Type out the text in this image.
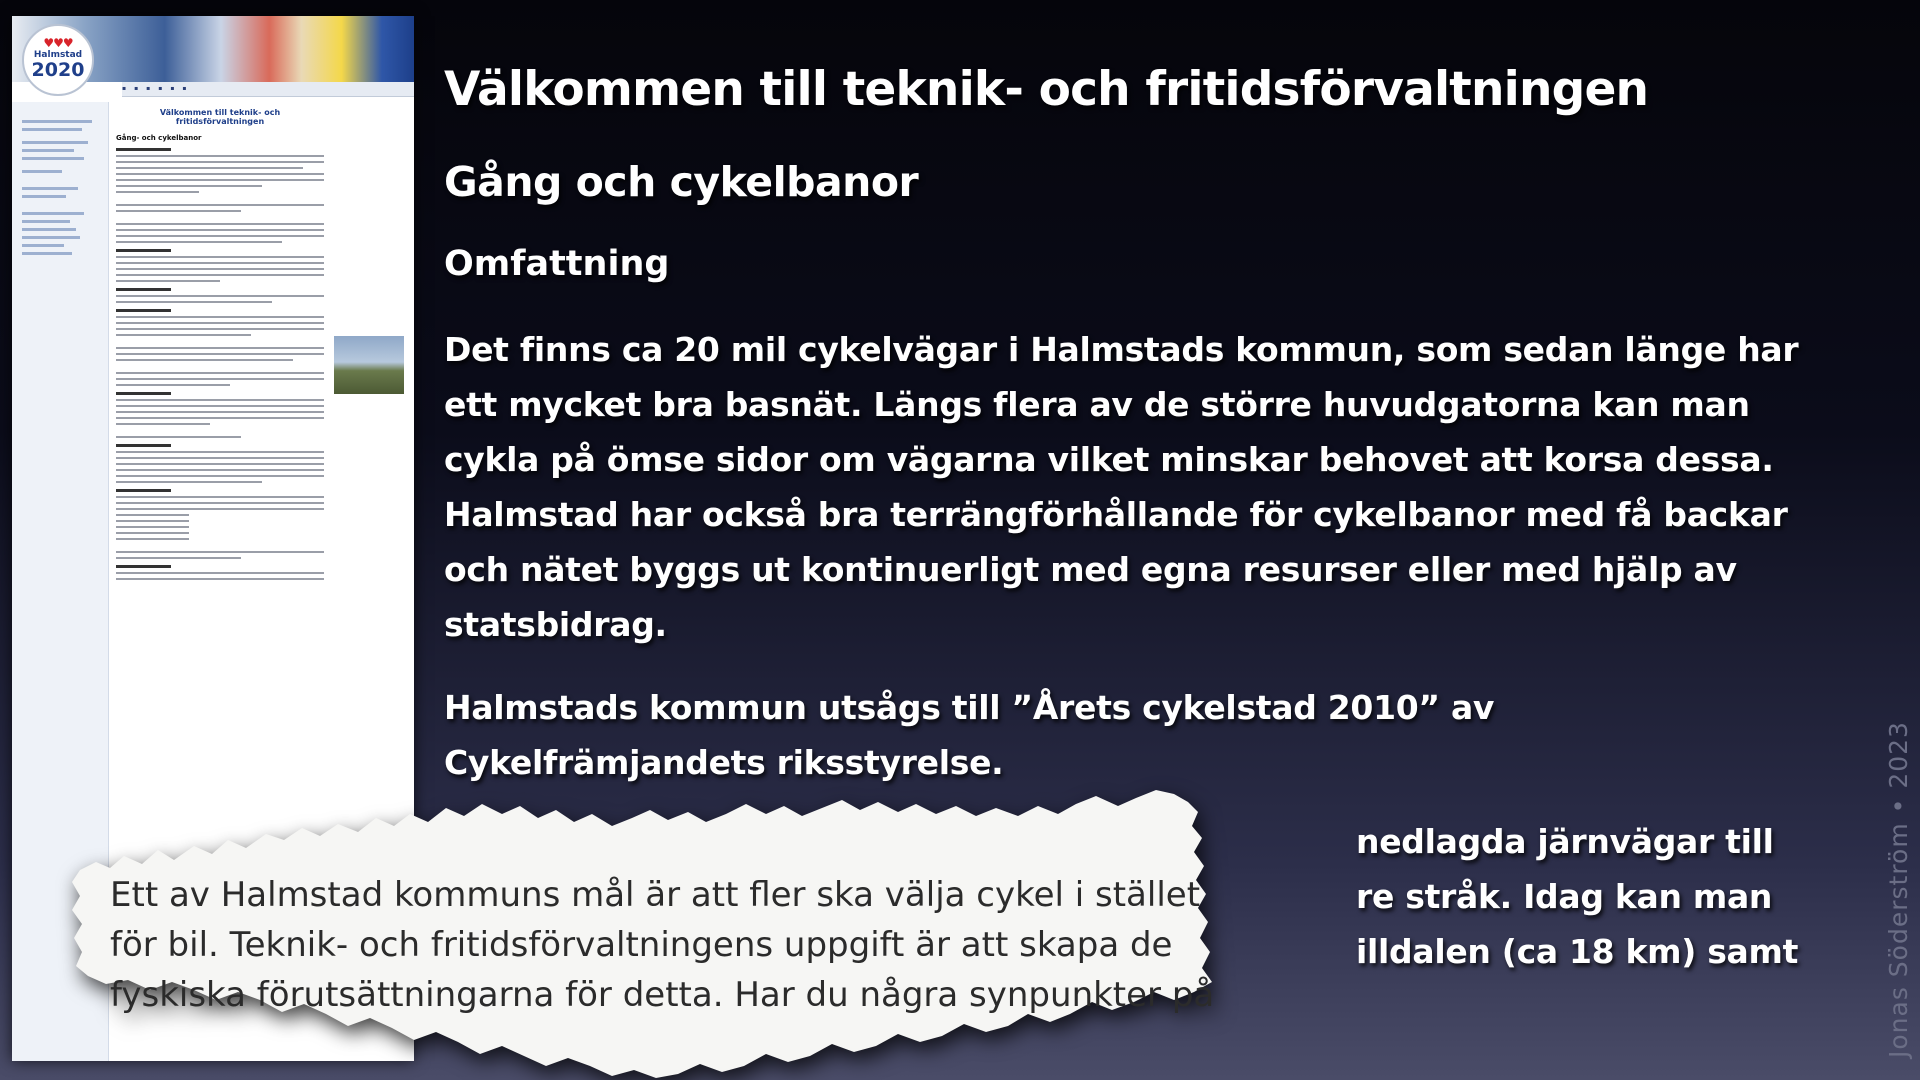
♥♥♥
Halmstad
2020
▪ ▪ ▪ ▪ ▪ ▪
Välkommen till teknik- och fritidsförvaltningen
Gång- och cykelbanor
Välkommen till teknik- och fritidsförvaltningen
Gång och cykelbanor
Omfattning
Det finns ca 20 mil cykelvägar i Halmstads kommun, som sedan länge har ett mycket bra basnät. Längs flera av de större huvudgatorna kan man cykla på ömse sidor om vägarna vilket minskar behovet att korsa dessa. Halmstad har också bra terrängförhållande för cykelbanor med få backar och nätet byggs ut kontinuerligt med egna resurser eller med hjälp av statsbidrag.
Halmstads kommun utsågs till ”Årets cykelstad 2010” av Cykelfrämjandets riksstyrelse.
nedlagda järnvägar till
re stråk. Idag kan man
illdalen (ca 18 km) samt
Ett av Halmstad kommuns mål är att fler ska välja cykel i stället
för bil. Teknik- och fritidsförvaltningens uppgift är att skapa de
fyskiska förutsättningarna för detta. Har du några synpunkter på	Jonas Söderström • 2023
